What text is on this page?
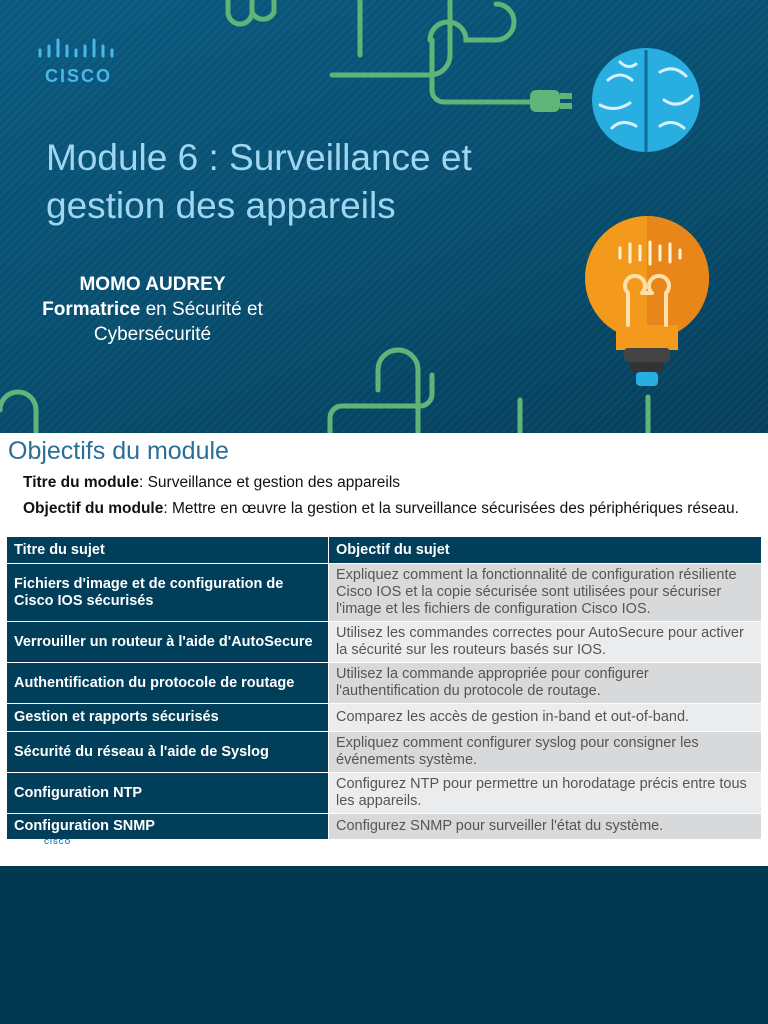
CISCO
Module 6 : Surveillance et
gestion des appareils
MOMO AUDREY
Formatrice en Sécurité et
Cybersécurité
Objectifs du module
Titre du module: Surveillance et gestion des appareils
Objectif du module: Mettre en œuvre la gestion et la surveillance sécurisées des périphériques réseau.
Titre du sujet	Objectif du sujet
Fichiers d'image et de configuration de Cisco IOS sécurisés	Expliquez comment la fonctionnalité de configuration résiliente Cisco IOS et la copie sécurisée sont utilisées pour sécuriser l'image et les fichiers de configuration Cisco IOS.
Verrouiller un routeur à l'aide d'AutoSecure	Utilisez les commandes correctes pour AutoSecure pour activer la sécurité sur les routeurs basés sur IOS.
Authentification du protocole de routage	Utilisez la commande appropriée pour configurer l'authentification du protocole de routage.
Gestion et rapports sécurisés	Comparez les accès de gestion in-band et out-of-band.
Sécurité du réseau à l'aide de Syslog	Expliquez comment configurer syslog pour consigner les événements système.
Configuration NTP	Configurez NTP pour permettre un horodatage précis entre tous les appareils.
Configuration SNMP	Configurez SNMP pour surveiller l'état du système.
CISCO
